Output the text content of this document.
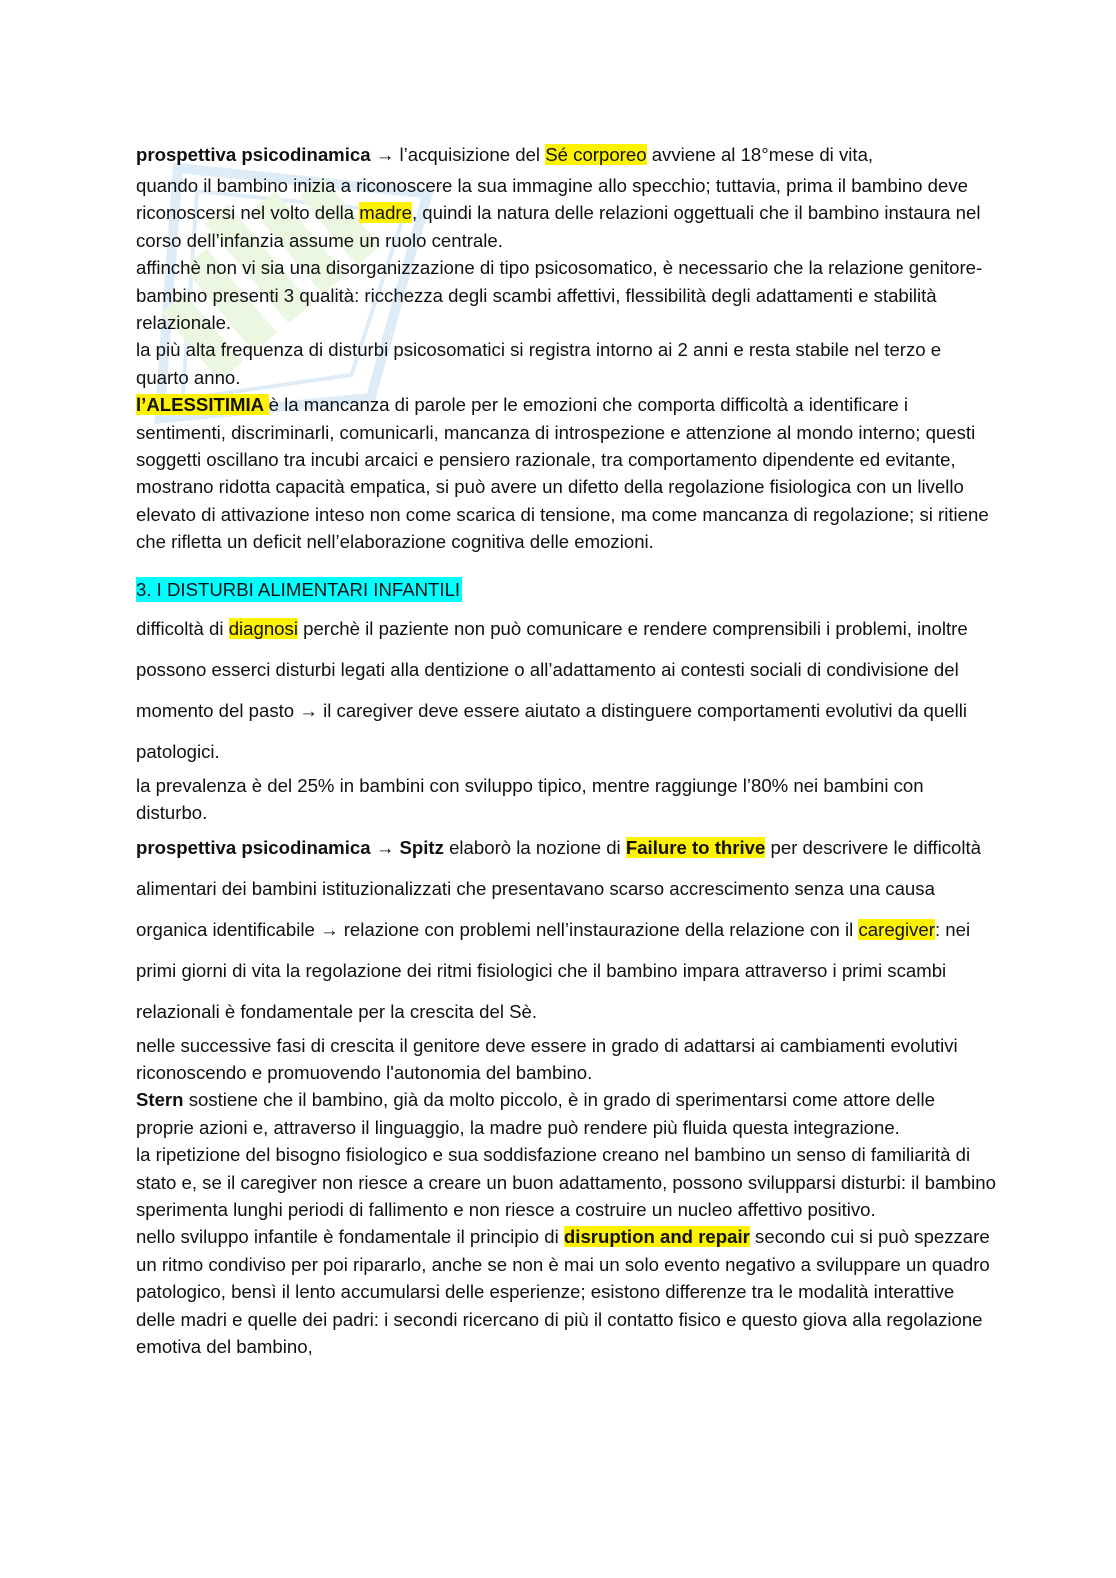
prospettiva psicodinamica → l’acquisizione del Sé corporeo avviene al 18°mese di vita,
quando il bambino inizia a riconoscere la sua immagine allo specchio; tuttavia, prima il bambino deve riconoscersi nel volto della madre, quindi la natura delle relazioni oggettuali che il bambino instaura nel corso dell’infanzia assume un ruolo centrale.

affinchè non vi sia una disorganizzazione di tipo psicosomatico, è necessario che la relazione genitore-bambino presenti 3 qualità: ricchezza degli scambi affettivi, flessibilità degli adattamenti e stabilità relazionale.

la più alta frequenza di disturbi psicosomatici si registra intorno ai 2 anni e resta stabile nel terzo e quarto anno.

l’ALESSITIMIA è la mancanza di parole per le emozioni che comporta difficoltà a identificare i sentimenti, discriminarli, comunicarli, mancanza di introspezione e attenzione al mondo interno; questi soggetti oscillano tra incubi arcaici e pensiero razionale, tra comportamento dipendente ed evitante, mostrano ridotta capacità empatica, si può avere un difetto della regolazione fisiologica con un livello elevato di attivazione inteso non come scarica di tensione, ma come mancanza di regolazione; si ritiene che rifletta un deficit nell’elaborazione cognitiva delle emozioni.

3. I DISTURBI ALIMENTARI INFANTILI

difficoltà di diagnosi perchè il paziente non può comunicare e rendere comprensibili i problemi, inoltre possono esserci disturbi legati alla dentizione o all’adattamento ai contesti sociali di condivisione del momento del pasto → il caregiver deve essere aiutato a distinguere comportamenti evolutivi da quelli patologici.

la prevalenza è del 25% in bambini con sviluppo tipico, mentre raggiunge l’80% nei bambini con disturbo.

prospettiva psicodinamica → Spitz elaborò la nozione di Failure to thrive per descrivere le difficoltà alimentari dei bambini istituzionalizzati che presentavano scarso accrescimento senza una causa organica identificabile → relazione con problemi nell’instaurazione della relazione con il caregiver: nei primi giorni di vita la regolazione dei ritmi fisiologici che il bambino impara attraverso i primi scambi relazionali è fondamentale per la crescita del Sè.

nelle successive fasi di crescita il genitore deve essere in grado di adattarsi ai cambiamenti evolutivi riconoscendo e promuovendo l'autonomia del bambino.

Stern sostiene che il bambino, già da molto piccolo, è in grado di sperimentarsi come attore delle proprie azioni e, attraverso il linguaggio, la madre può rendere più fluida questa integrazione.

la ripetizione del bisogno fisiologico e sua soddisfazione creano nel bambino un senso di familiarità di stato e, se il caregiver non riesce a creare un buon adattamento, possono svilupparsi disturbi: il bambino sperimenta lunghi periodi di fallimento e non riesce a costruire un nucleo affettivo positivo.

nello sviluppo infantile è fondamentale il principio di disruption and repair secondo cui si può spezzare un ritmo condiviso per poi ripararlo, anche se non è mai un solo evento negativo a sviluppare un quadro patologico, bensì il lento accumularsi delle esperienze; esistono differenze tra le modalità interattive delle madri e quelle dei padri: i secondi ricercano di più il contatto fisico e questo giova alla regolazione emotiva del bambino,
